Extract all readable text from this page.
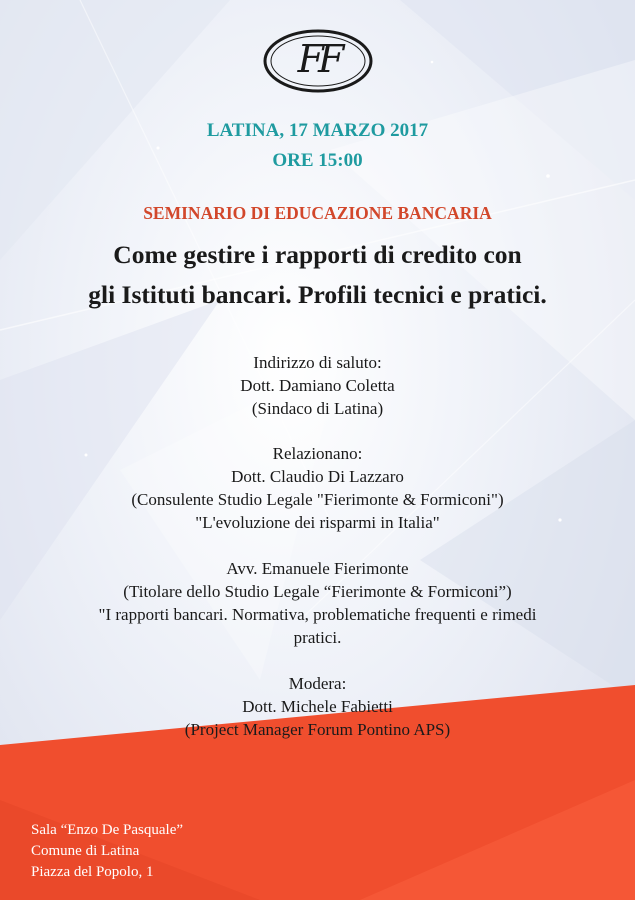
FF

LATINA, 17 MARZO 2017

ORE 15:00

SEMINARIO DI EDUCAZIONE BANCARIA

Come gestire i rapporti di credito con

gli Istituti bancari. Profili tecnici e pratici.

Indirizzo di saluto:

Dott. Damiano Coletta

(Sindaco di Latina)

Relazionano:

Dott. Claudio Di Lazzaro

(Consulente Studio Legale "Fierimonte & Formiconi")

"L'evoluzione dei risparmi in Italia"

Avv. Emanuele Fierimonte

(Titolare dello Studio Legale “Fierimonte & Formiconi”)

"I rapporti bancari. Normativa, problematiche frequenti e rimedi

pratici.

Modera:

Dott. Michele Fabietti

(Project Manager Forum Pontino APS)

Sala “Enzo De Pasquale”
Comune di Latina
Piazza del Popolo, 1
